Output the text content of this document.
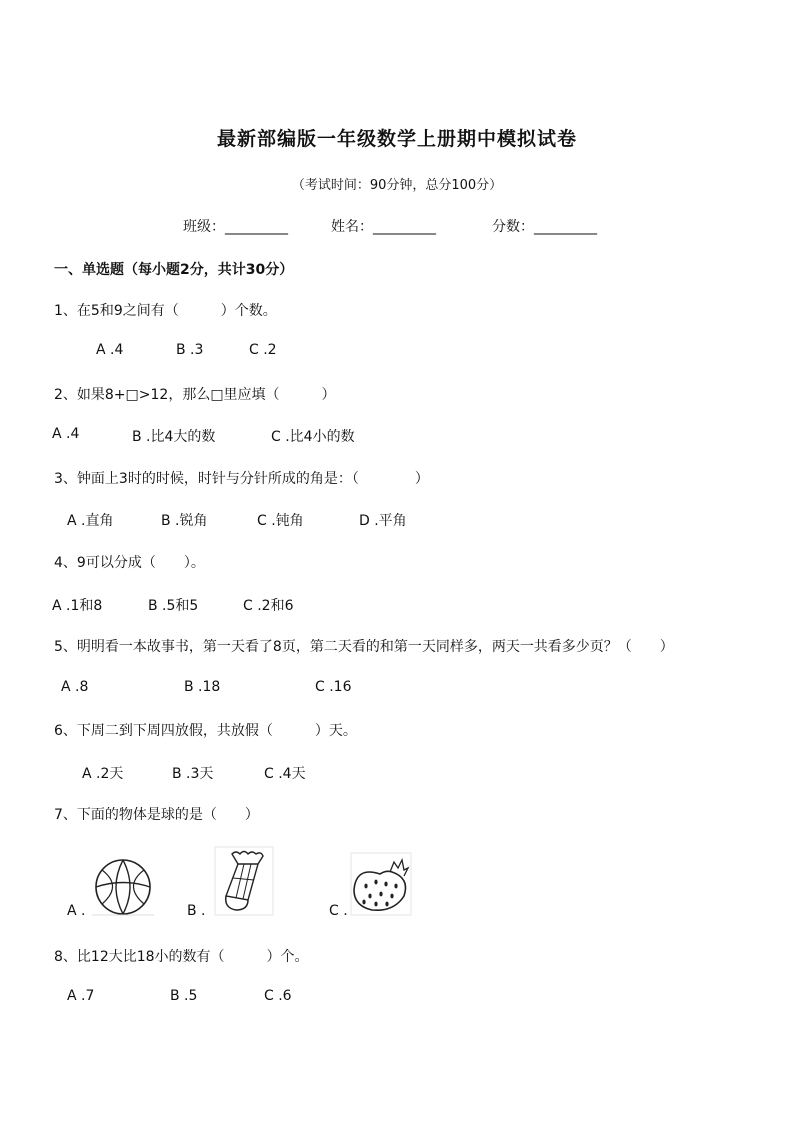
最新部编版一年级数学上册期中模拟试卷
（考试时间：90分钟，总分100分）
班级：_________	姓名：_________	分数：_________
一、单选题（每小题2分，共计30分）
1、在5和9之间有（　　　）个数。
A .4	B .3	C .2
2、如果8+□>12，那么□里应填（　　　）
A .4	B .比4大的数	C .比4小的数
3、钟面上3时的时候，时针与分针所成的角是：（　　　　）
A .直角	B .锐角	C .钝角	D .平角
4、9可以分成（　　）。
A .1和8	B .5和5	C .2和6
5、明明看一本故事书，第一天看了8页，第二天看的和第一天同样多，两天一共看多少页？（　　）
A .8	B .18	C .16
6、下周二到下周四放假，共放假（　　　）天。
A .2天	B .3天	C .4天
7、下面的物体是球的是（　　）
A .	B .	C .
8、比12大比18小的数有（　　　）个。
A .7	B .5	C .6
